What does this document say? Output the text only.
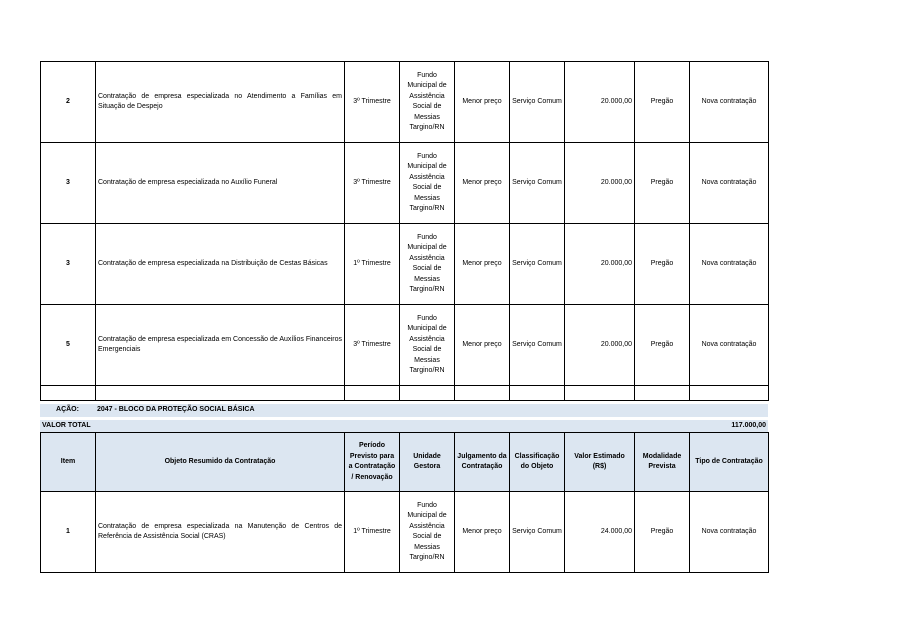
2	Contratação de empresa especializada no Atendimento a Famílias em Situação de Despejo	3º Trimestre	Fundo Municipal de Assistência Social de Messias Targino/RN	Menor preço	Serviço Comum	20.000,00	Pregão	Nova contratação
3	Contratação de empresa especializada no Auxílio Funeral	3º Trimestre	Fundo Municipal de Assistência Social de Messias Targino/RN	Menor preço	Serviço Comum	20.000,00	Pregão	Nova contratação
3	Contratação de empresa especializada na Distribuição de Cestas Básicas	1º Trimestre	Fundo Municipal de Assistência Social de Messias Targino/RN	Menor preço	Serviço Comum	20.000,00	Pregão	Nova contratação
5	Contratação de empresa especializada em Concessão de Auxílios Financeiros Emergenciais	3º Trimestre	Fundo Municipal de Assistência Social de Messias Targino/RN	Menor preço	Serviço Comum	20.000,00	Pregão	Nova contratação

AÇÃO:	2047 - BLOCO DA PROTEÇÃO SOCIAL BÁSICA

VALOR TOTAL	117.000,00
Item	Objeto Resumido da Contratação	Período Previsto para a Contratação / Renovação	Unidade Gestora	Julgamento da Contratação	Classificação do Objeto	Valor Estimado (R$)	Modalidade Prevista	Tipo de Contratação
1	Contratação de empresa especializada na Manutenção de Centros de Referência de Assistência Social (CRAS)	1º Trimestre	Fundo Municipal de Assistência Social de Messias Targino/RN	Menor preço	Serviço Comum	24.000,00	Pregão	Nova contratação
